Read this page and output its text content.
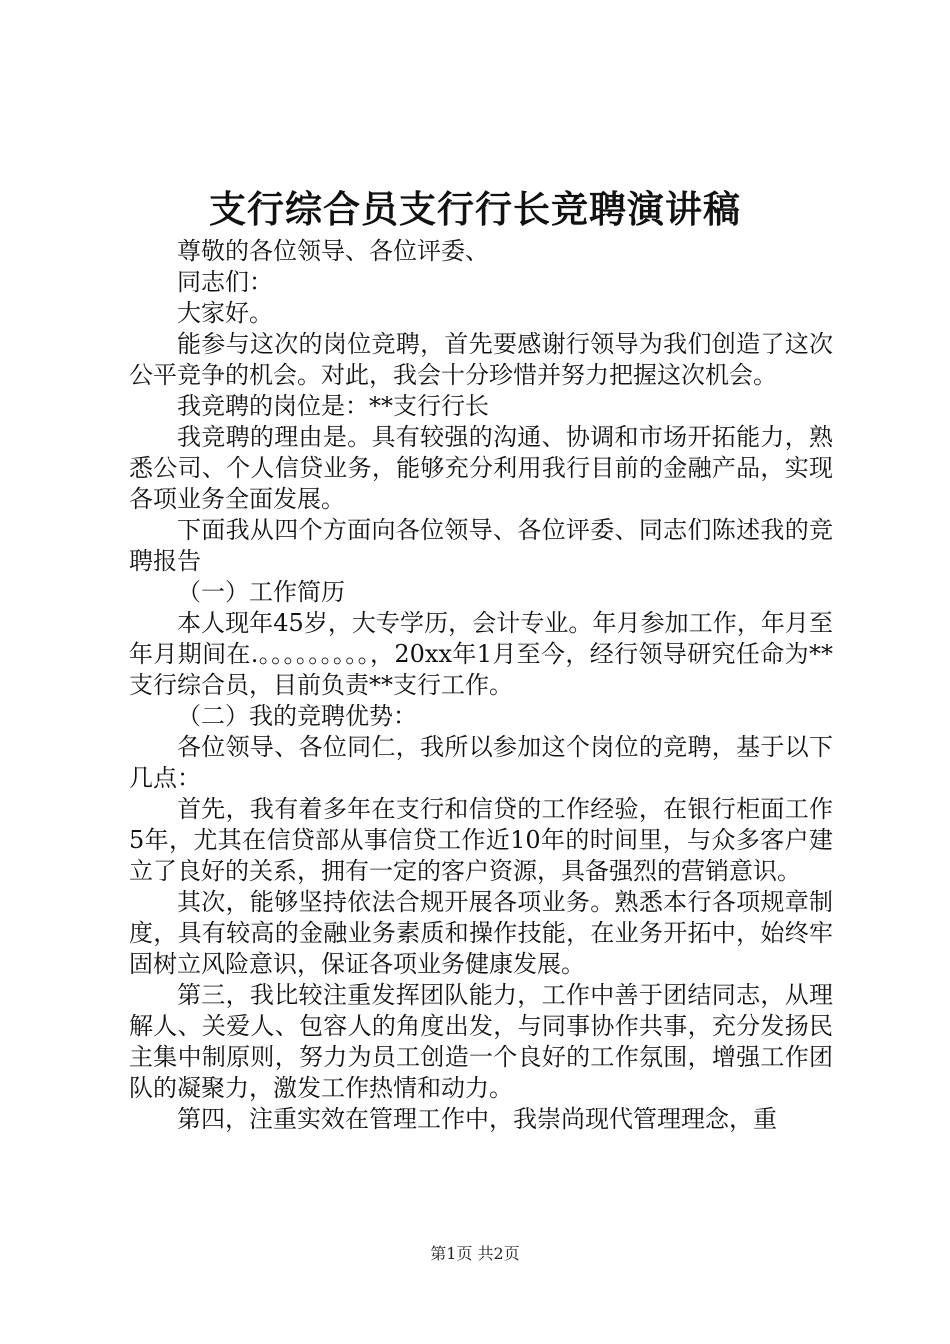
支行综合员支行行长竞聘演讲稿

尊敬的各位领导、各位评委、

同志们：

大家好。

能参与这次的岗位竞聘，首先要感谢行领导为我们创造了这次公平竞争的机会。对此，我会十分珍惜并努力把握这次机会。

我竞聘的岗位是：**支行行长

我竞聘的理由是。具有较强的沟通、协调和市场开拓能力，熟悉公司、个人信贷业务，能够充分利用我行目前的金融产品，实现各项业务全面发展。

下面我从四个方面向各位领导、各位评委、同志们陈述我的竞聘报告

（一）工作简历

本人现年45岁，大专学历，会计专业。年月参加工作，年月至年月期间在.。。。。。。。。。，20xx年1月至今，经行领导研究任命为**支行综合员，目前负责**支行工作。

（二）我的竞聘优势：

各位领导、各位同仁，我所以参加这个岗位的竞聘，基于以下几点：

首先，我有着多年在支行和信贷的工作经验，在银行柜面工作5年，尤其在信贷部从事信贷工作近10年的时间里，与众多客户建立了良好的关系，拥有一定的客户资源，具备强烈的营销意识。

其次，能够坚持依法合规开展各项业务。熟悉本行各项规章制度，具有较高的金融业务素质和操作技能，在业务开拓中，始终牢固树立风险意识，保证各项业务健康发展。

第三，我比较注重发挥团队能力，工作中善于团结同志，从理解人、关爱人、包容人的角度出发，与同事协作共事，充分发扬民主集中制原则，努力为员工创造一个良好的工作氛围，增强工作团队的凝聚力，激发工作热情和动力。

第四，注重实效在管理工作中，我崇尚现代管理理念，重

第1页 共2页
